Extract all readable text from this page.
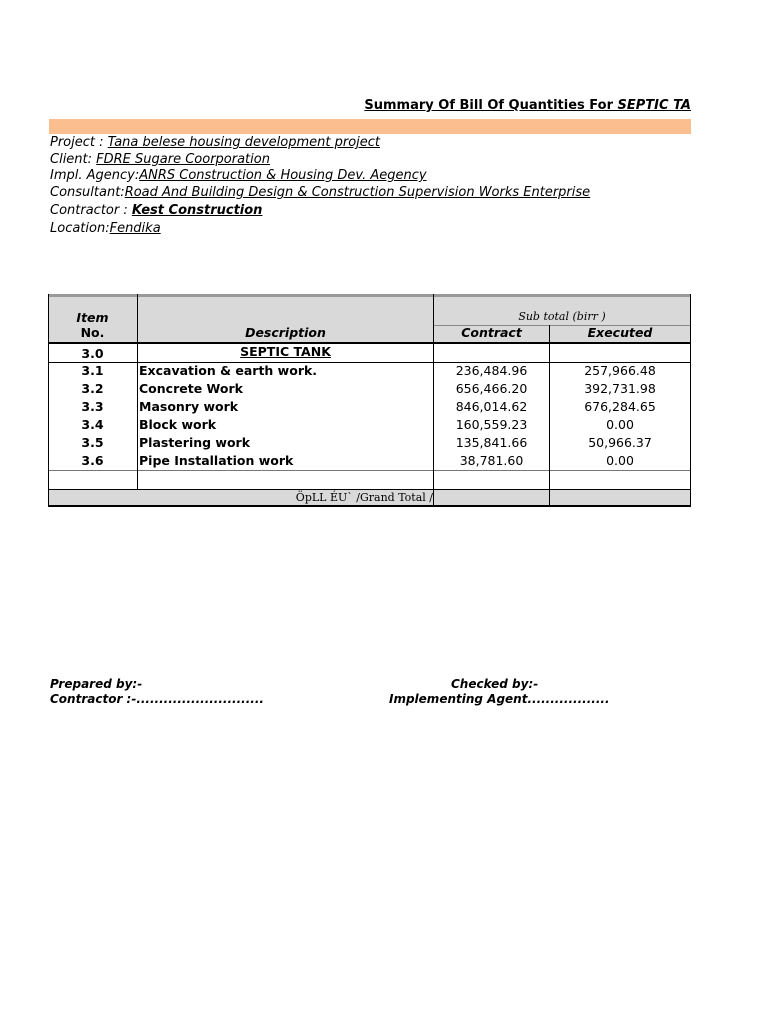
Summary Of Bill Of Quantities For SEPTIC TA
Project : Tana belese housing development project
Client: FDRE Sugare Coorporation
Impl. Agency:ANRS Construction & Housing Dev. Aegency
Consultant:Road And Building Design & Construction Supervision Works Enterprise
Contractor : Kest Construction
Location:Fendika
Item
No.	Description
Sub total (birr )
Contract	Executed
3.0	SEPTIC TANK
3.1	Excavation & earth work.	236,484.96	257,966.48
3.2	Concrete Work	656,466.20	392,731.98
3.3	Masonry work	846,014.62	676,284.65
3.4	Block work	160,559.23	0.00
3.5	Plastering work	135,841.66	50,966.37
3.6	Pipe Installation work	38,781.60	0.00
ÖpLL ÉU` /Grand Total /
Prepared by:-
Contractor :-............................
Checked by:-
Implementing Agent..................
